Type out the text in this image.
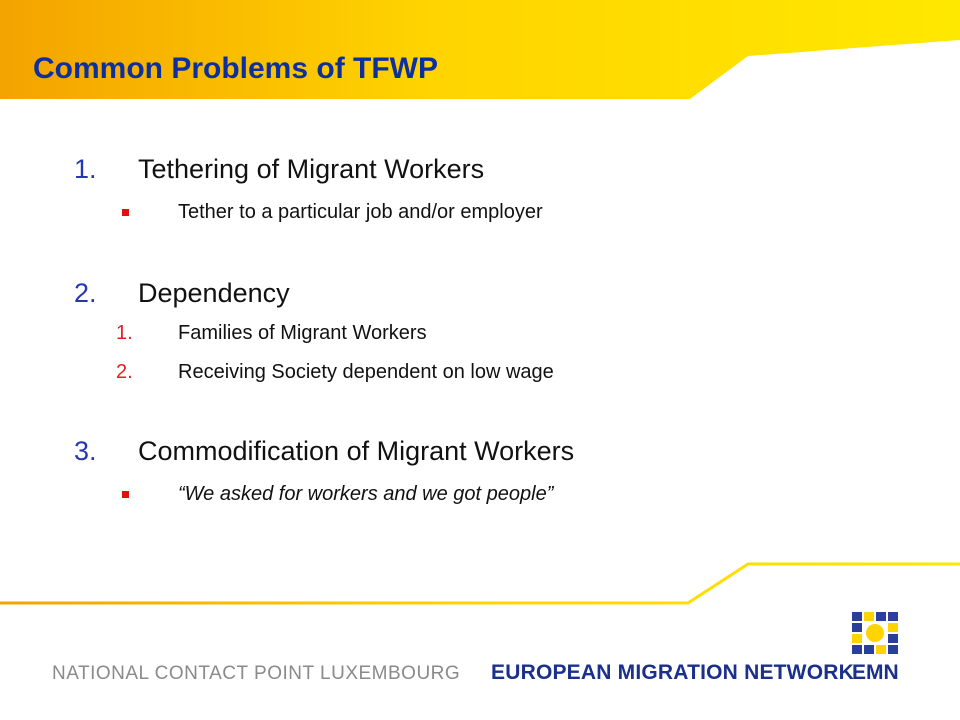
Common Problems of TFWP
1. Tethering of Migrant Workers
Tether to a particular job and/or employer
2. Dependency
1. Families of Migrant Workers
2. Receiving Society dependent on low wage
3. Commodification of Migrant Workers
“We asked for workers and we got people”
NATIONAL CONTACT POINT LUXEMBOURG EUROPEAN MIGRATION NETWORK
EMN
